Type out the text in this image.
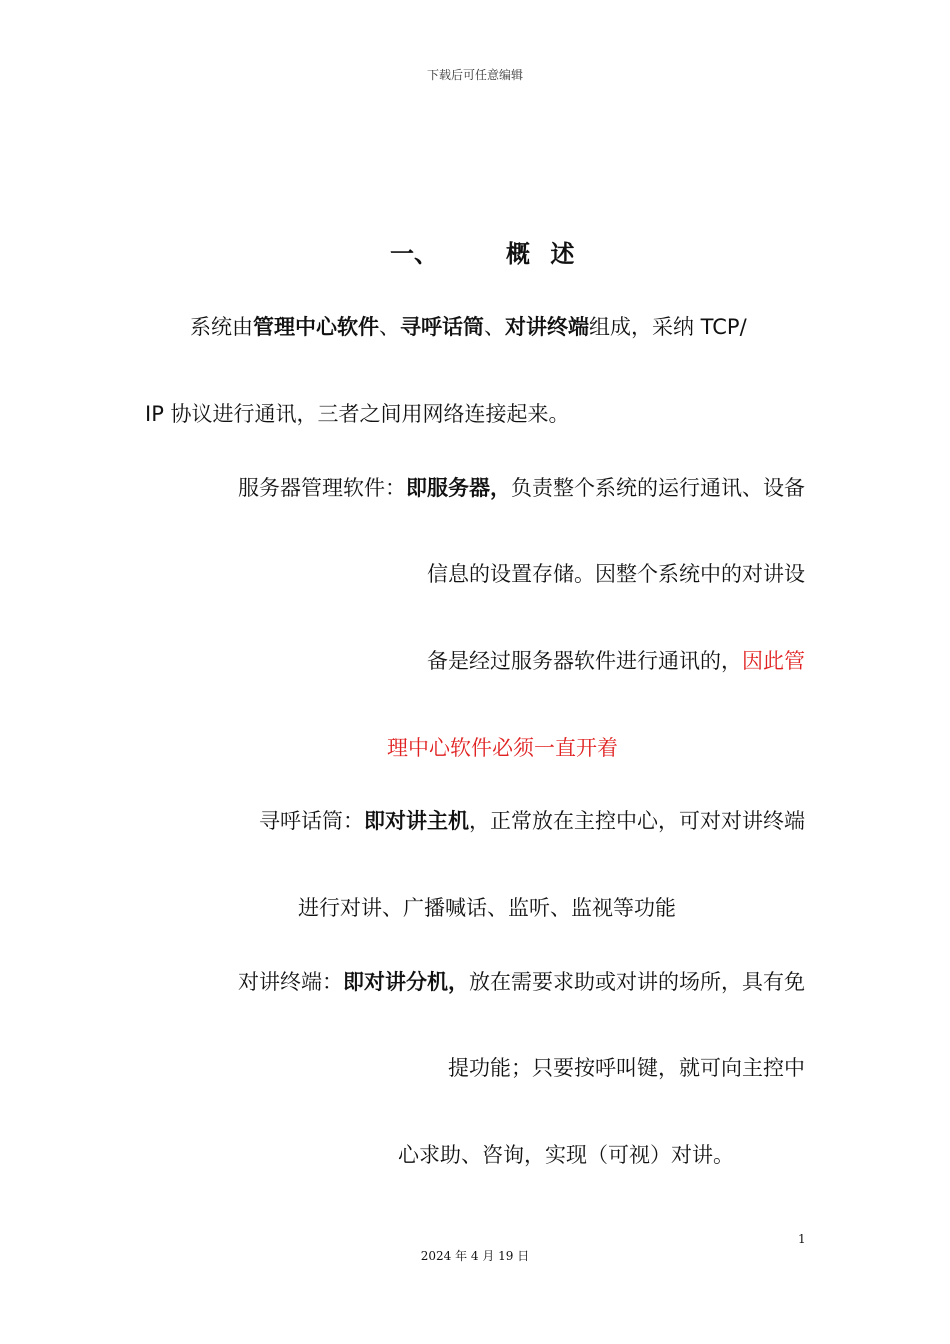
下载后可任意编辑
一、	概 述
系统由管理中心软件、寻呼话筒、对讲终端组成，采纳 TCP/
IP 协议进行通讯，三者之间用网络连接起来。
服务器管理软件：即服务器，负责整个系统的运行通讯、设备
信息的设置存储。因整个系统中的对讲设
备是经过服务器软件进行通讯的，因此管
理中心软件必须一直开着
寻呼话筒：即对讲主机，正常放在主控中心，可对对讲终端
进行对讲、广播喊话、监听、监视等功能
对讲终端：即对讲分机，放在需要求助或对讲的场所，具有免
提功能；只要按呼叫键，就可向主控中
心求助、咨询，实现（可视）对讲。
1
2024 年 4 月 19 日
